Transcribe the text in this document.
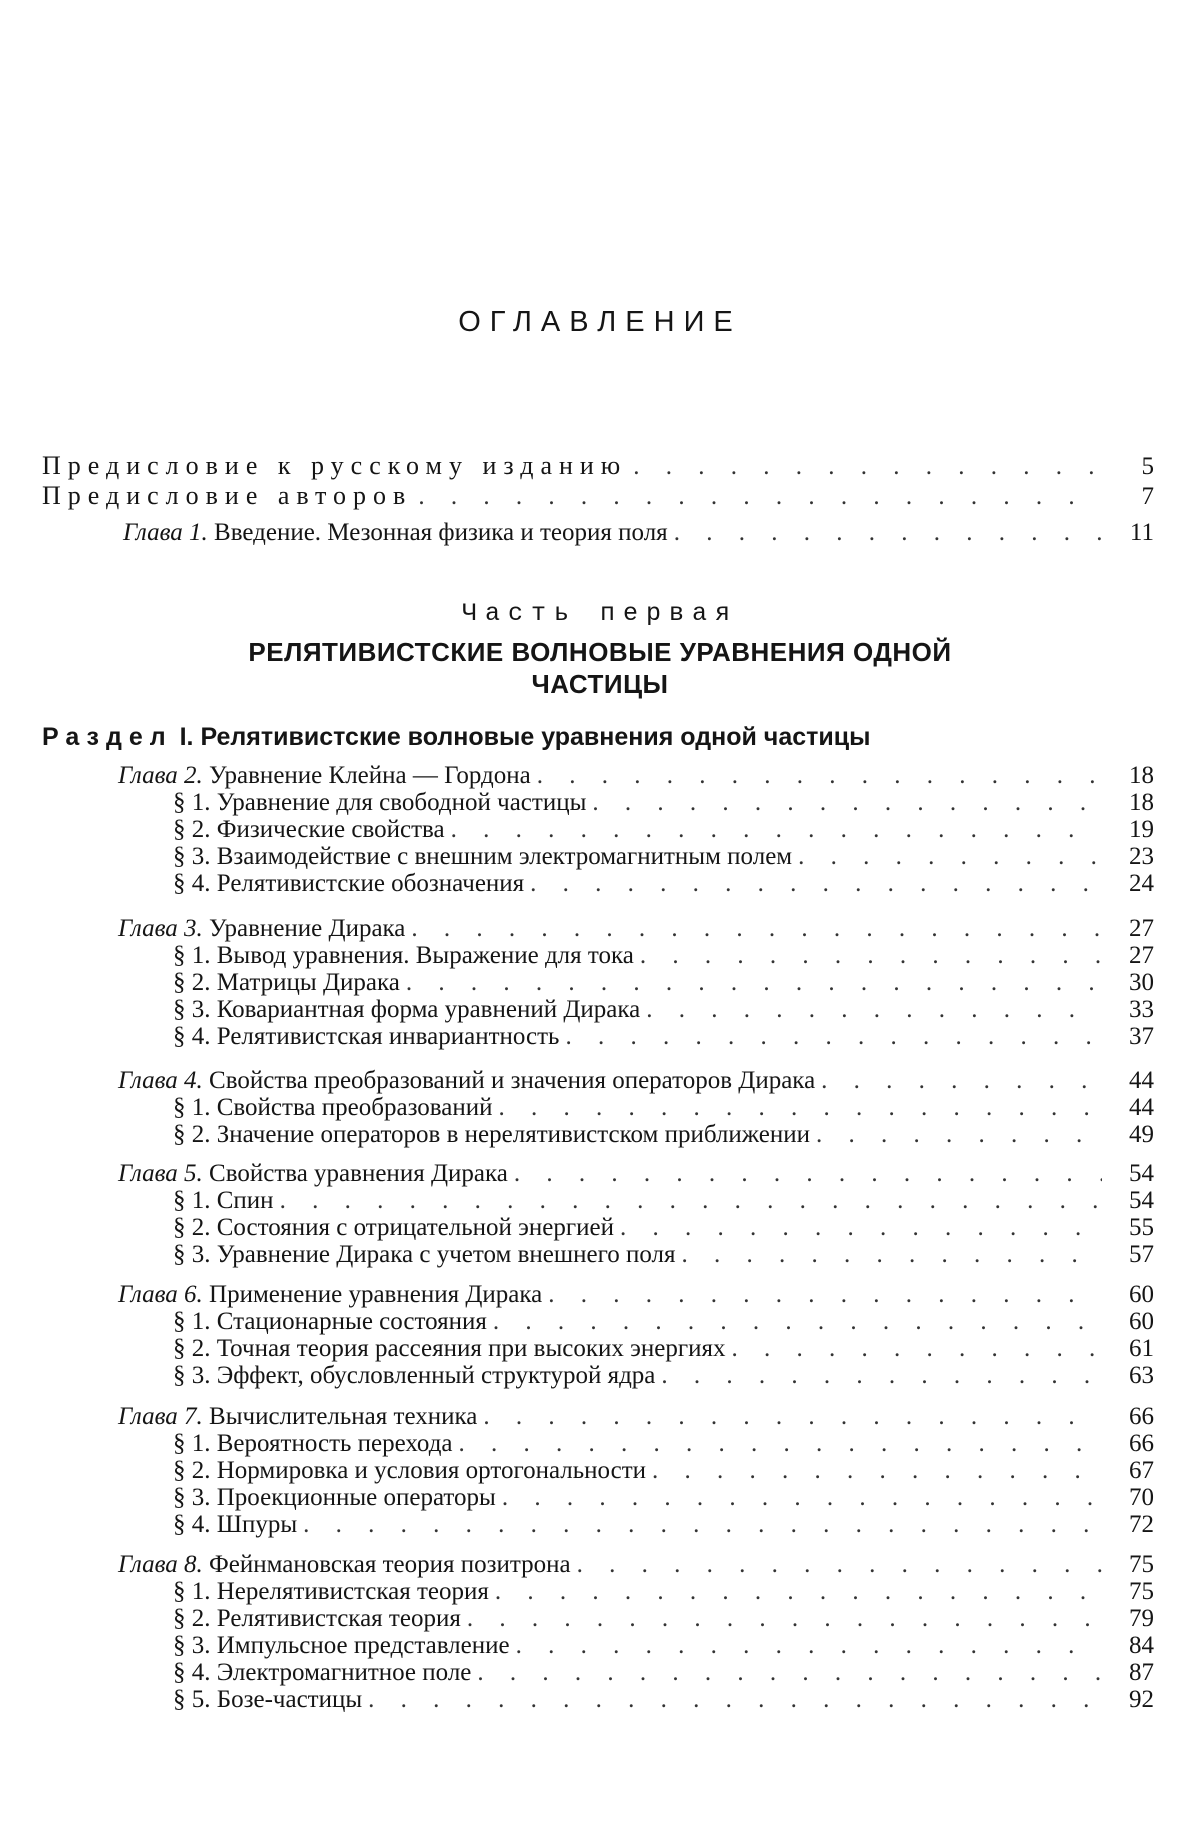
ОГЛАВЛЕНИЕ
Предисловие к русскому изданию . . .	5
Предисловие авторов . . .	7
Глава 1. Введение. Мезонная физика и теория поля . . .	11
Часть первая
РЕЛЯТИВИСТСКИЕ ВОЛНОВЫЕ УРАВНЕНИЯ ОДНОЙ
ЧАСТИЦЫ
Раздел I. Релятивистские волновые уравнения одной частицы
Глава 2. Уравнение Клейна — Гордона . . .	18
§ 1. Уравнение для свободной частицы . . .	18
§ 2. Физические свойства . . .	19
§ 3. Взаимодействие с внешним электромагнитным полем . . .	23
§ 4. Релятивистские обозначения . . .	24
Глава 3. Уравнение Дирака . . .	27
§ 1. Вывод уравнения. Выражение для тока . . .	27
§ 2. Матрицы Дирака . . .	30
§ 3. Ковариантная форма уравнений Дирака . . .	33
§ 4. Релятивистская инвариантность . . .	37
Глава 4. Свойства преобразований и значения операторов Дирака . . .	44
§ 1. Свойства преобразований . . .	44
§ 2. Значение операторов в нерелятивистском приближении . . .	49
Глава 5. Свойства уравнения Дирака . . .	54
§ 1. Спин . . .	54
§ 2. Состояния с отрицательной энергией . . .	55
§ 3. Уравнение Дирака с учетом внешнего поля . . .	57
Глава 6. Применение уравнения Дирака . . .	60
§ 1. Стационарные состояния . . .	60
§ 2. Точная теория рассеяния при высоких энергиях . . .	61
§ 3. Эффект, обусловленный структурой ядра . . .	63
Глава 7. Вычислительная техника . . .	66
§ 1. Вероятность перехода . . .	66
§ 2. Нормировка и условия ортогональности . . .	67
§ 3. Проекционные операторы . . .	70
§ 4. Шпуры . . .	72
Глава 8. Фейнмановская теория позитрона . . .	75
§ 1. Нерелятивистская теория . . .	75
§ 2. Релятивистская теория . . .	79
§ 3. Импульсное представление . . .	84
§ 4. Электромагнитное поле . . .	87
§ 5. Бозе-частицы . . .	92
